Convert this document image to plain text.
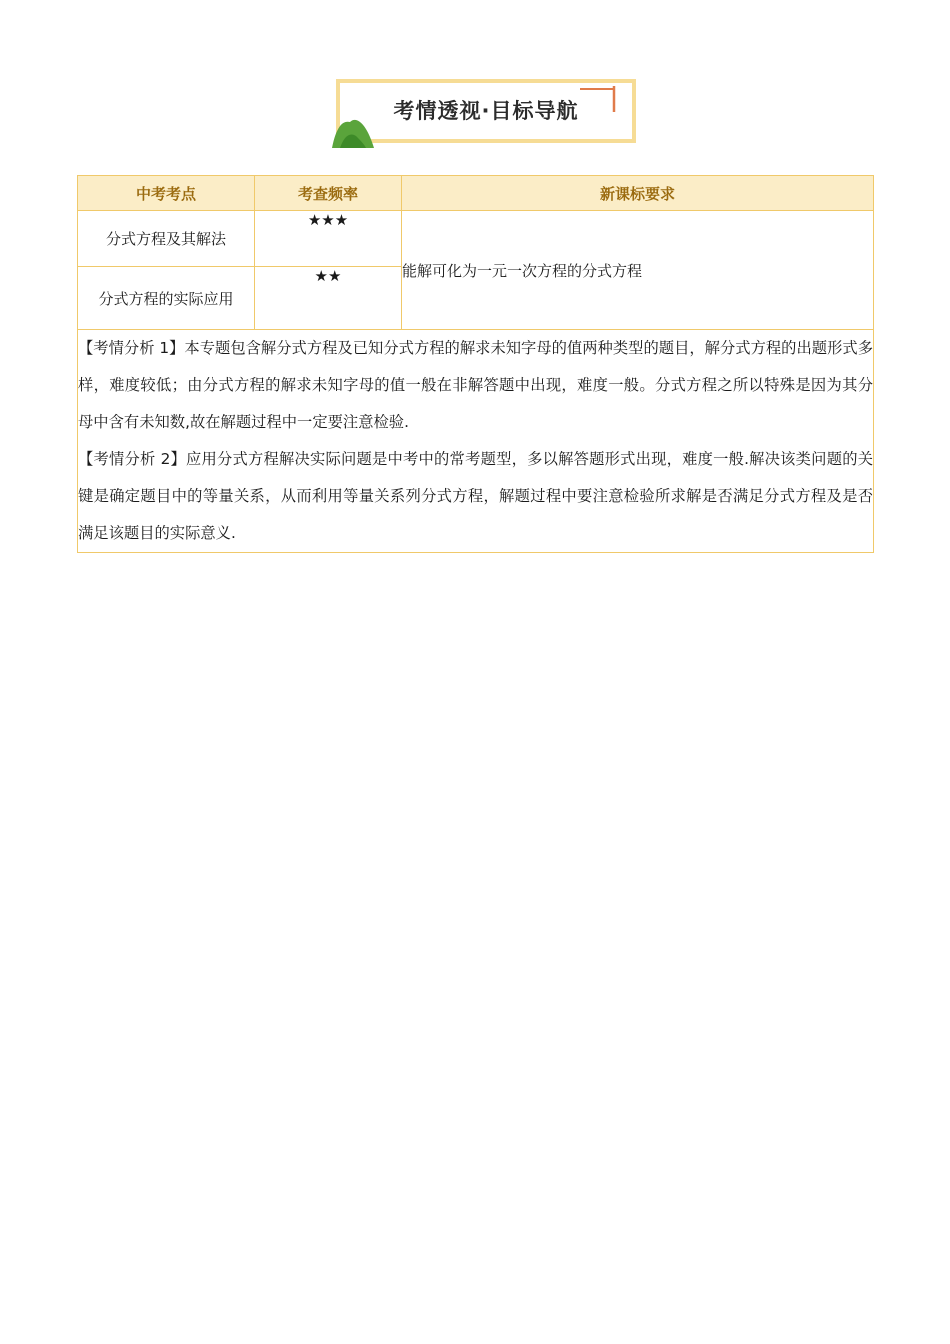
考情透视·目标导航
中考考点	考查频率	新课标要求
分式方程及其解法	★★★	能解可化为一元一次方程的分式方程
分式方程的实际应用	★★	

【考情分析 1】本专题包含解分式方程及已知分式方程的解求未知字母的值两种类型的题目，解分式方程的出题形式多样，难度较低；由分式方程的解求未知字母的值一般在非解答题中出现，难度一般。分式方程之所以特殊是因为其分母中含有未知数,故在解题过程中一定要注意检验.

【考情分析 2】应用分式方程解决实际问题是中考中的常考题型，多以解答题形式出现，难度一般.解决该类问题的关键是确定题目中的等量关系，从而利用等量关系列分式方程，解题过程中要注意检验所求解是否满足分式方程及是否满足该题目的实际意义.		
